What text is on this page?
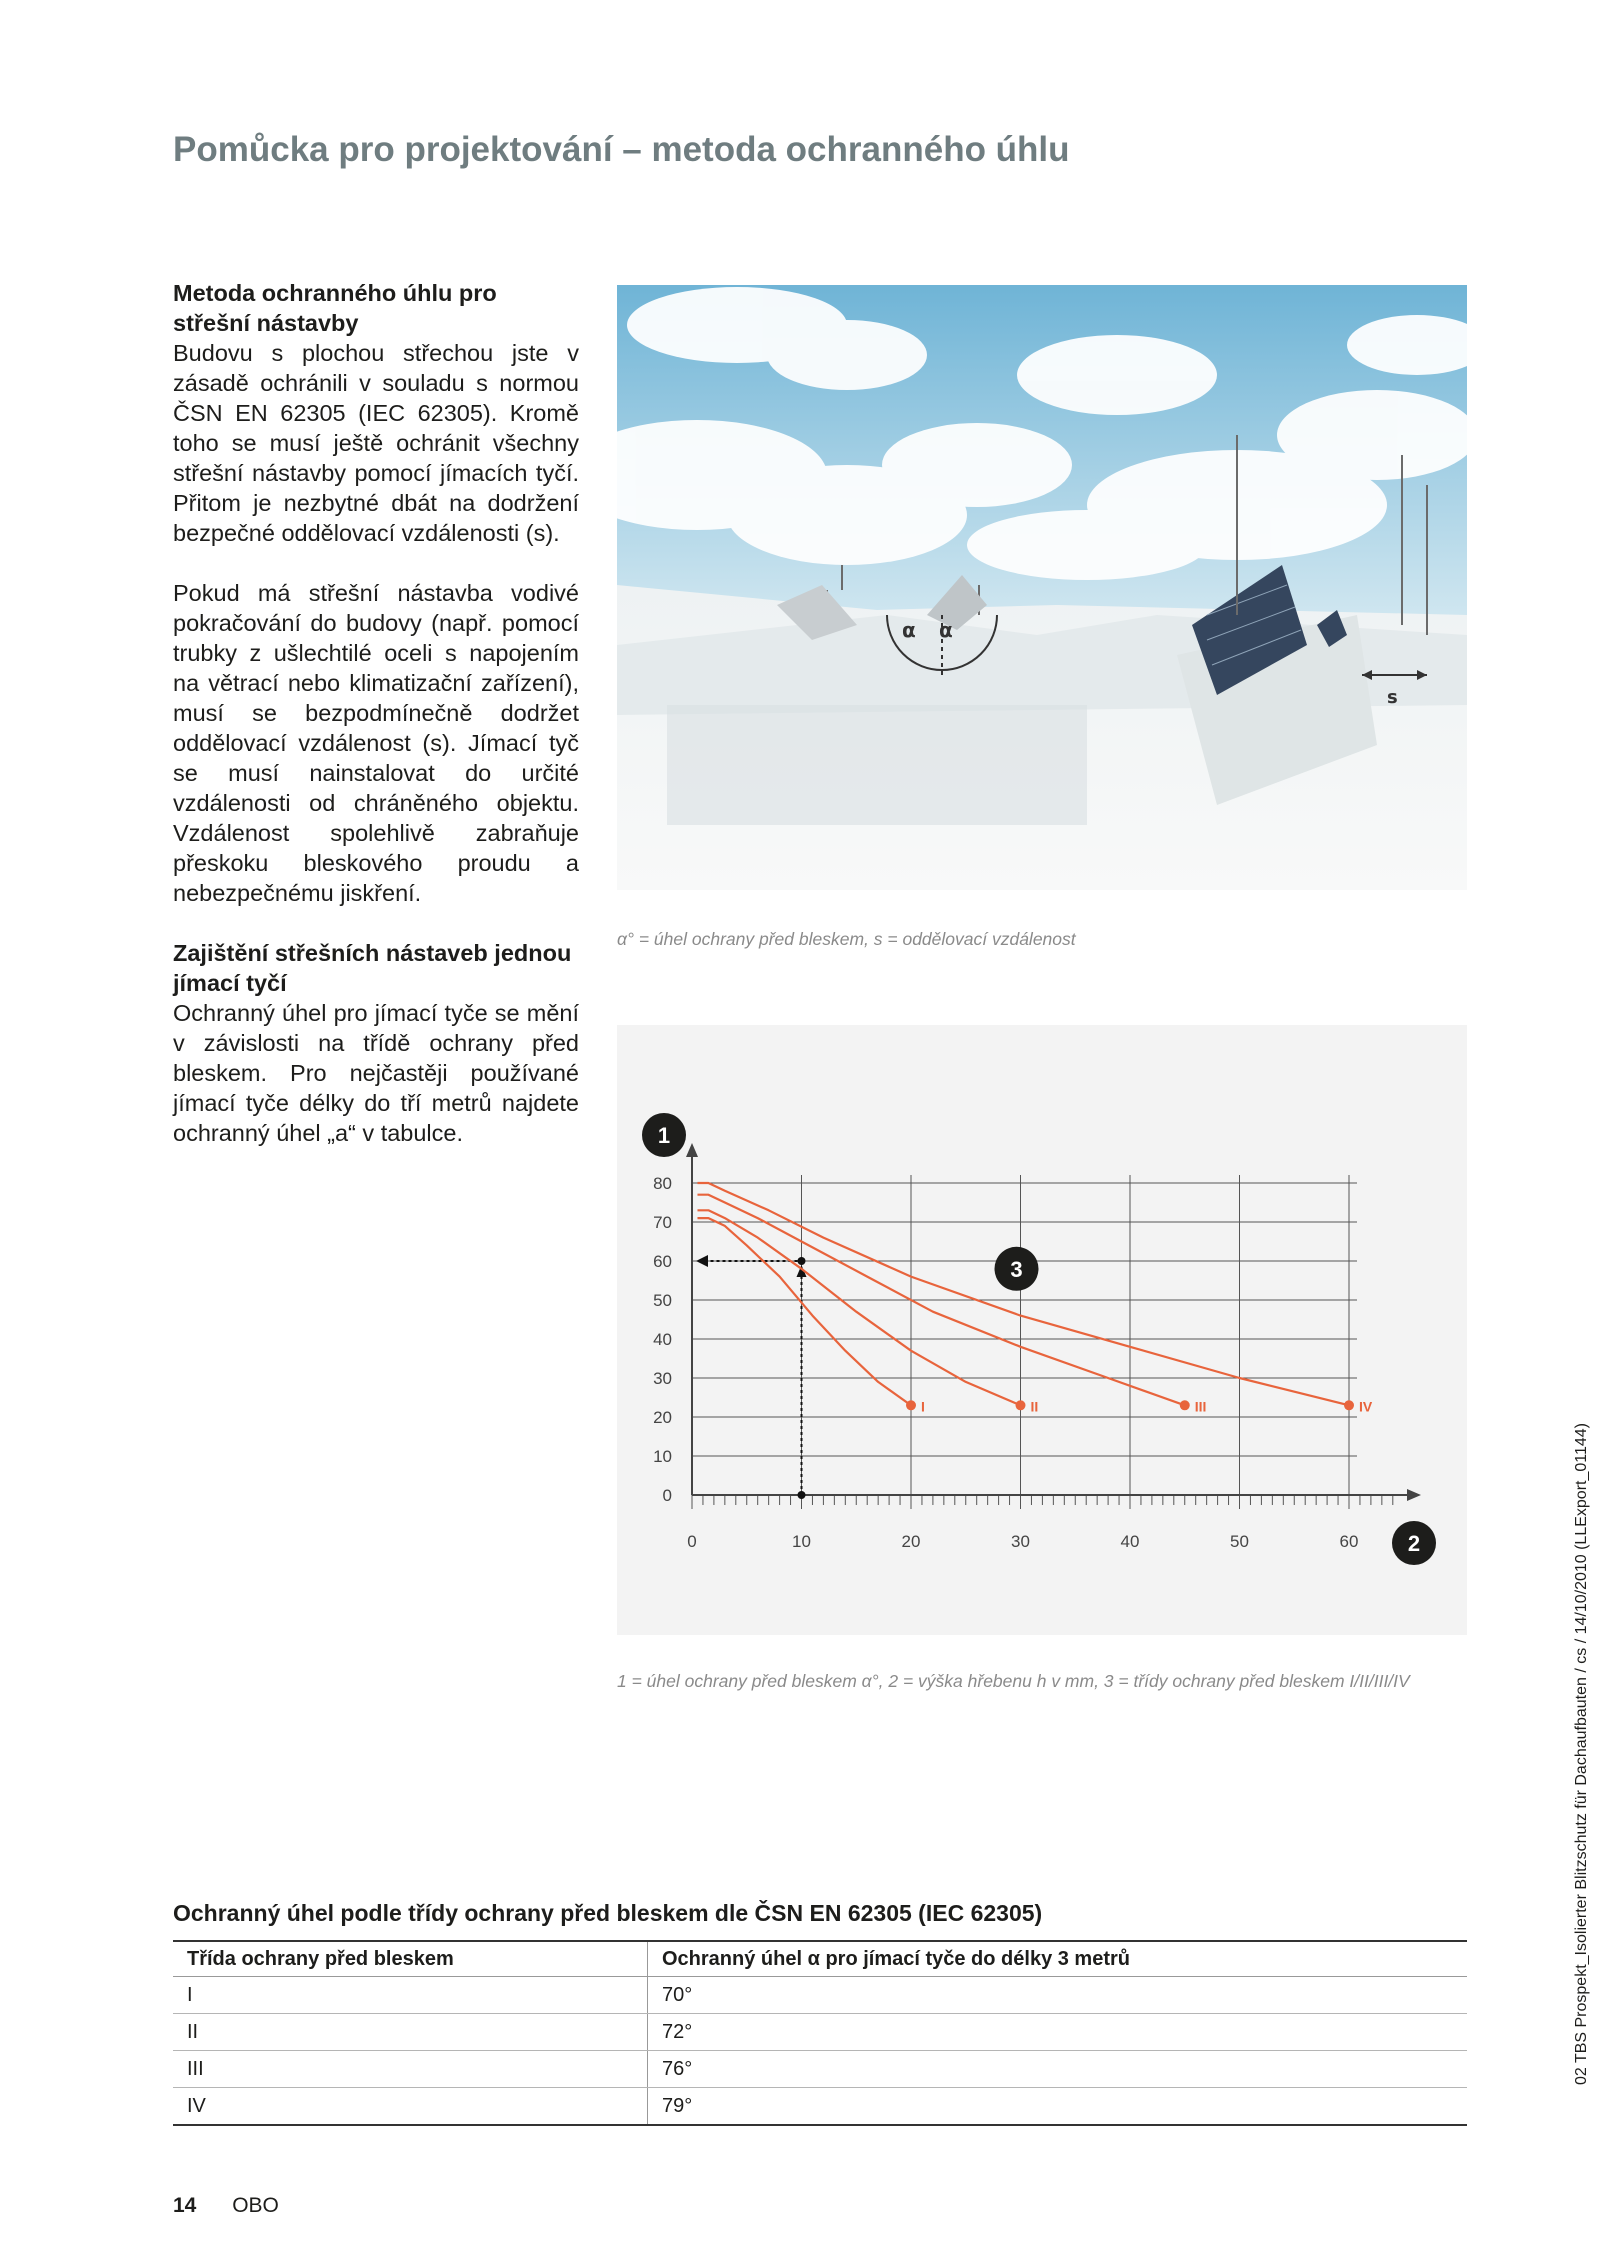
Pomůcka pro projektování – metoda ochranného úhlu
Metoda ochranného úhlu pro střešní nástavby

Budovu s plochou střechou jste v zásadě ochránili v souladu s normou ČSN EN 62305 (IEC 62305). Kromě toho se musí ještě ochránit všechny střešní nástavby pomocí jímacích tyčí. Přitom je nezbytné dbát na dodržení bezpečné oddělovací vzdálenosti (s).

Pokud má střešní nástavba vodivé pokračování do budovy (např. pomocí trubky z ušlechtilé oceli s napojením na větrací nebo klimatizační zařízení), musí se bezpodmínečně dodržet oddělovací vzdálenost (s). Jímací tyč se musí nainstalovat do určité vzdálenosti od chráněného objektu. Vzdálenost spolehlivě zabraňuje přeskoku bleskového proudu a nebezpečnému jiskření.

Zajištění střešních nástaveb jednou jímací tyčí

Ochranný úhel pro jímací tyče se mění v závislosti na třídě ochrany před bleskem. Pro nejčastěji používané jímací tyče délky do tří metrů najdete ochranný úhel „a“ v tabulce.

α α
s

α° = úhel ochrany před bleskem, s = oddělovací vzdálenost

0	10	20	30	40	50	60
0
10
20
30
40
50
60
70
80
I	II	III	IV
1
2
3

1 = úhel ochrany před bleskem α°, 2 = výška hřebenu h v mm, 3 = třídy ochrany před bleskem I/II/III/IV

Ochranný úhel podle třídy ochrany před bleskem dle ČSN EN 62305 (IEC 62305)
Třída ochrany před bleskem	Ochranný úhel α pro jímací tyče do délky 3 metrů
I	70°
II	72°
III	76°
IV	79°
14 OBO
02 TBS Prospekt_Isolierter Blitzschutz für Dachaufbauten / cs / 14/10/2010 (LLExport_01144)
